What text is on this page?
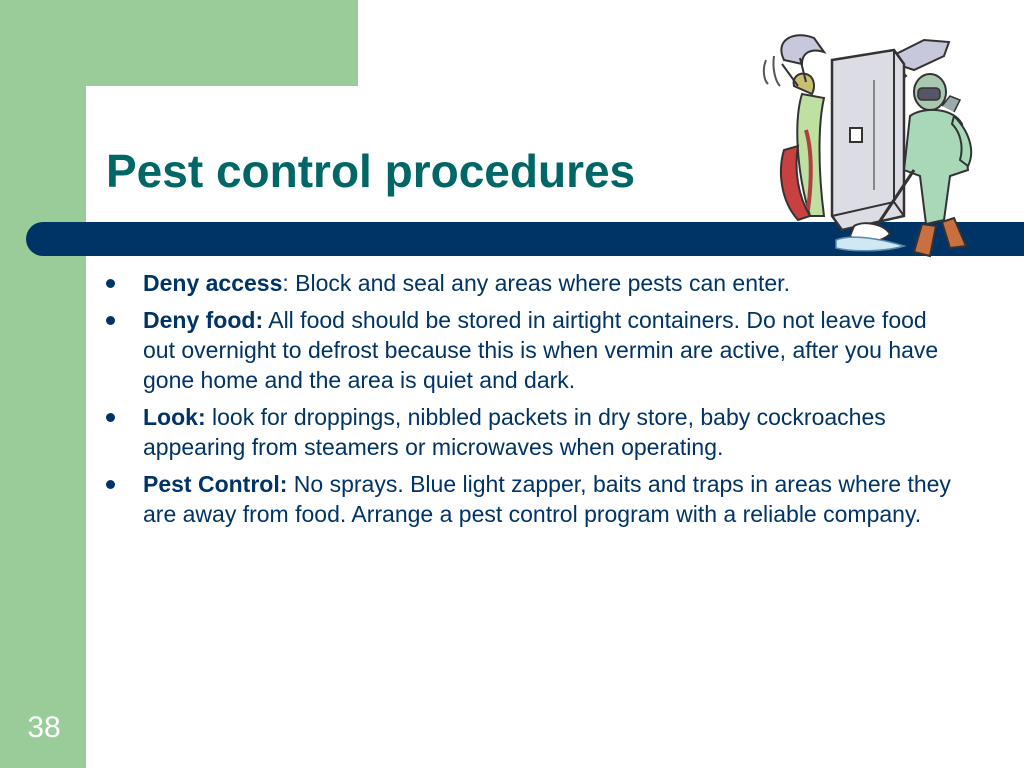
Pest control procedures
Deny access: Block and seal any areas where pests can enter.
Deny food: All food should be stored in airtight containers. Do not leave food out overnight to defrost because this is when vermin are active, after you have gone home and the area is quiet and dark.
Look: look for droppings, nibbled packets in dry store, baby cockroaches appearing from steamers or microwaves when operating.
Pest Control: No sprays. Blue light zapper, baits and traps in areas where they are away from food. Arrange a pest control program with a reliable company.
38
